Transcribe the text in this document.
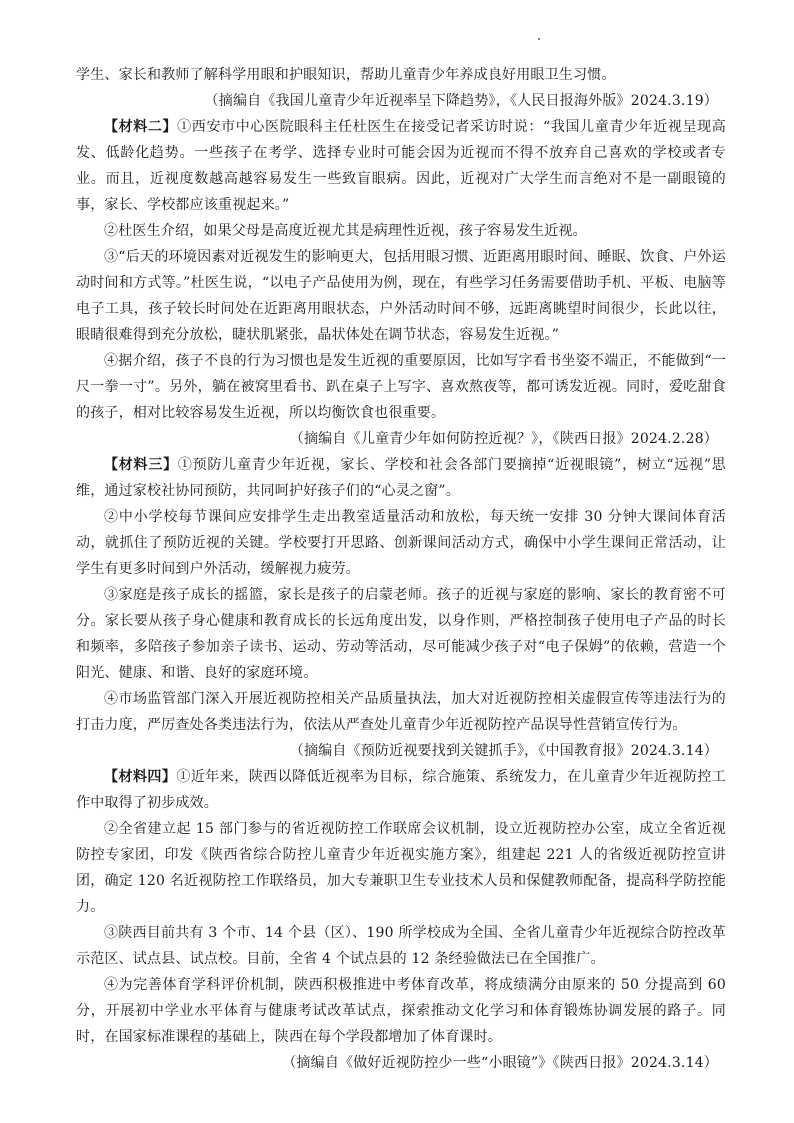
学生、家长和教师了解科学用眼和护眼知识，帮助儿童青少年养成良好用眼卫生习惯。

（摘编自《我国儿童青少年近视率呈下降趋势》，《人民日报海外版》2024.3.19）

【材料二】①西安市中心医院眼科主任杜医生在接受记者采访时说：“我国儿童青少年近视呈现高发、低龄化趋势。一些孩子在考学、选择专业时可能会因为近视而不得不放弃自己喜欢的学校或者专业。而且，近视度数越高越容易发生一些致盲眼病。因此，近视对广大学生而言绝对不是一副眼镜的事，家长、学校都应该重视起来。”

②杜医生介绍，如果父母是高度近视尤其是病理性近视，孩子容易发生近视。

③“后天的环境因素对近视发生的影响更大，包括用眼习惯、近距离用眼时间、睡眠、饮食、户外运动时间和方式等。”杜医生说，“以电子产品使用为例，现在，有些学习任务需要借助手机、平板、电脑等电子工具，孩子较长时间处在近距离用眼状态，户外活动时间不够，远距离眺望时间很少，长此以往，眼睛很难得到充分放松，睫状肌紧张，晶状体处在调节状态，容易发生近视。”

④据介绍，孩子不良的行为习惯也是发生近视的重要原因，比如写字看书坐姿不端正，不能做到“一尺一拳一寸”。另外，躺在被窝里看书、趴在桌子上写字、喜欢熬夜等，都可诱发近视。同时，爱吃甜食的孩子，相对比较容易发生近视，所以均衡饮食也很重要。

（摘编自《儿童青少年如何防控近视？》，《陕西日报》2024.2.28）

【材料三】①预防儿童青少年近视，家长、学校和社会各部门要摘掉“近视眼镜”，树立“远视”思维，通过家校社协同预防，共同呵护好孩子们的“心灵之窗”。

②中小学校每节课间应安排学生走出教室适量活动和放松，每天统一安排 30 分钟大课间体育活动，就抓住了预防近视的关键。学校要打开思路、创新课间活动方式，确保中小学生课间正常活动，让学生有更多时间到户外活动，缓解视力疲劳。

③家庭是孩子成长的摇篮，家长是孩子的启蒙老师。孩子的近视与家庭的影响、家长的教育密不可分。家长要从孩子身心健康和教育成长的长远角度出发，以身作则，严格控制孩子使用电子产品的时长和频率，多陪孩子参加亲子读书、运动、劳动等活动，尽可能减少孩子对“电子保姆”的依赖，营造一个阳光、健康、和谐、良好的家庭环境。

④市场监管部门深入开展近视防控相关产品质量执法，加大对近视防控相关虚假宣传等违法行为的打击力度，严厉查处各类违法行为，依法从严查处儿童青少年近视防控产品误导性营销宣传行为。

（摘编自《预防近视要找到关键抓手》，《中国教育报》2024.3.14）

【材料四】①近年来，陕西以降低近视率为目标，综合施策、系统发力，在儿童青少年近视防控工作中取得了初步成效。

②全省建立起 15 部门参与的省近视防控工作联席会议机制，设立近视防控办公室，成立全省近视防控专家团，印发《陕西省综合防控儿童青少年近视实施方案》，组建起 221 人的省级近视防控宣讲团，确定 120 名近视防控工作联络员，加大专兼职卫生专业技术人员和保健教师配备，提高科学防控能力。

③陕西目前共有 3 个市、14 个县（区）、190 所学校成为全国、全省儿童青少年近视综合防控改革示范区、试点县、试点校。目前，全省 4 个试点县的 12 条经验做法已在全国推广。

④为完善体育学科评价机制，陕西积极推进中考体育改革，将成绩满分由原来的 50 分提高到 60 分，开展初中学业水平体育与健康考试改革试点，探索推动文化学习和体育锻炼协调发展的路子。同时，在国家标准课程的基础上，陕西在每个学段都增加了体育课时。

（摘编自《做好近视防控少一些“小眼镜”》《陕西日报》2024.3.14）
